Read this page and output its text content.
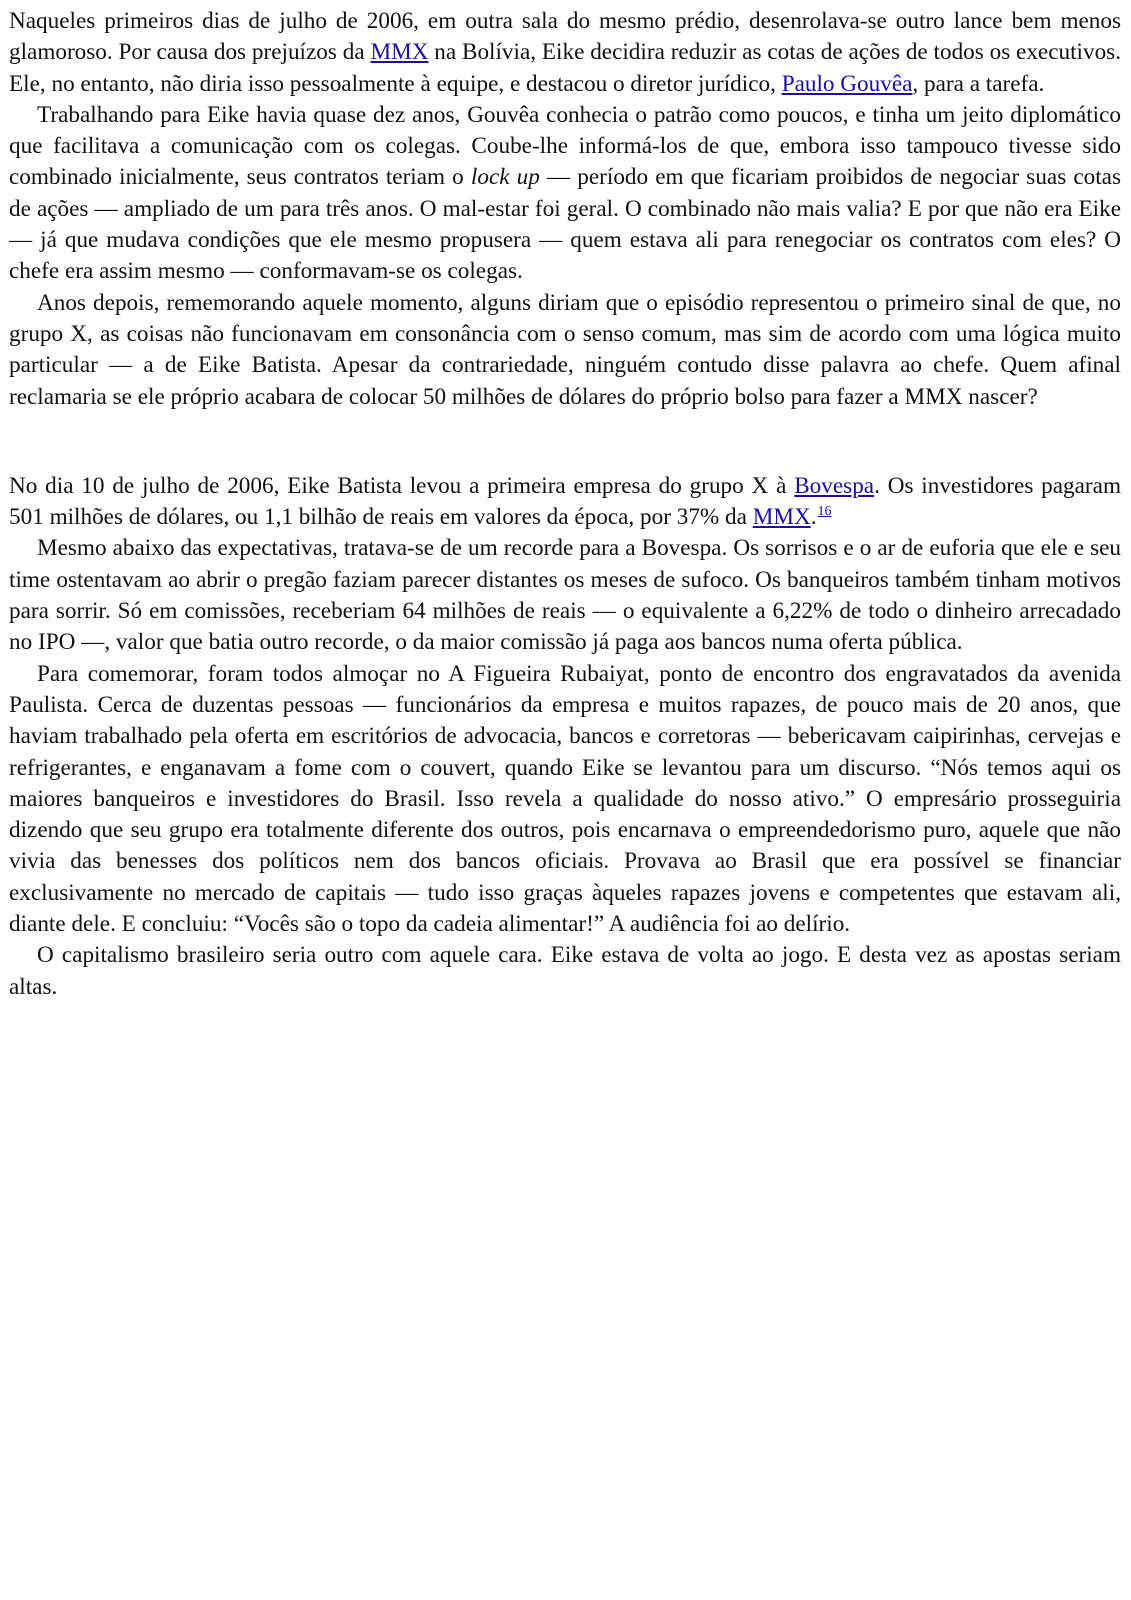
Naqueles primeiros dias de julho de 2006, em outra sala do mesmo prédio, desenrolava-se outro lance bem menos glamoroso. Por causa dos prejuízos da MMX na Bolívia, Eike decidira reduzir as cotas de ações de todos os executivos. Ele, no entanto, não diria isso pessoalmente à equipe, e destacou o diretor jurídico, Paulo Gouvêa, para a tarefa.

Trabalhando para Eike havia quase dez anos, Gouvêa conhecia o patrão como poucos, e tinha um jeito diplomático que facilitava a comunicação com os colegas. Coube-lhe informá-los de que, embora isso tampouco tivesse sido combinado inicialmente, seus contratos teriam o lock up — período em que ficariam proibidos de negociar suas cotas de ações — ampliado de um para três anos. O mal-estar foi geral. O combinado não mais valia? E por que não era Eike — já que mudava condições que ele mesmo propusera — quem estava ali para renegociar os contratos com eles? O chefe era assim mesmo — conformavam-se os colegas.

Anos depois, rememorando aquele momento, alguns diriam que o episódio representou o primeiro sinal de que, no grupo X, as coisas não funcionavam em consonância com o senso comum, mas sim de acordo com uma lógica muito particular — a de Eike Batista. Apesar da contrariedade, ninguém contudo disse palavra ao chefe. Quem afinal reclamaria se ele próprio acabara de colocar 50 milhões de dólares do próprio bolso para fazer a MMX nascer?

No dia 10 de julho de 2006, Eike Batista levou a primeira empresa do grupo X à Bovespa. Os investidores pagaram 501 milhões de dólares, ou 1,1 bilhão de reais em valores da época, por 37% da MMX.$^{16}$

Mesmo abaixo das expectativas, tratava-se de um recorde para a Bovespa. Os sorrisos e o ar de euforia que ele e seu time ostentavam ao abrir o pregão faziam parecer distantes os meses de sufoco. Os banqueiros também tinham motivos para sorrir. Só em comissões, receberiam 64 milhões de reais — o equivalente a 6,22% de todo o dinheiro arrecadado no IPO —, valor que batia outro recorde, o da maior comissão já paga aos bancos numa oferta pública.

Para comemorar, foram todos almoçar no A Figueira Rubaiyat, ponto de encontro dos engravatados da avenida Paulista. Cerca de duzentas pessoas — funcionários da empresa e muitos rapazes, de pouco mais de 20 anos, que haviam trabalhado pela oferta em escritórios de advocacia, bancos e corretoras — bebericavam caipirinhas, cervejas e refrigerantes, e enganavam a fome com o couvert, quando Eike se levantou para um discurso. “Nós temos aqui os maiores banqueiros e investidores do Brasil. Isso revela a qualidade do nosso ativo.” O empresário prosseguiria dizendo que seu grupo era totalmente diferente dos outros, pois encarnava o empreendedorismo puro, aquele que não vivia das benesses dos políticos nem dos bancos oficiais. Provava ao Brasil que era possível se financiar exclusivamente no mercado de capitais — tudo isso graças àqueles rapazes jovens e competentes que estavam ali, diante dele. E concluiu: “Vocês são o topo da cadeia alimentar!” A audiência foi ao delírio.

O capitalismo brasileiro seria outro com aquele cara. Eike estava de volta ao jogo. E desta vez as apostas seriam altas.
